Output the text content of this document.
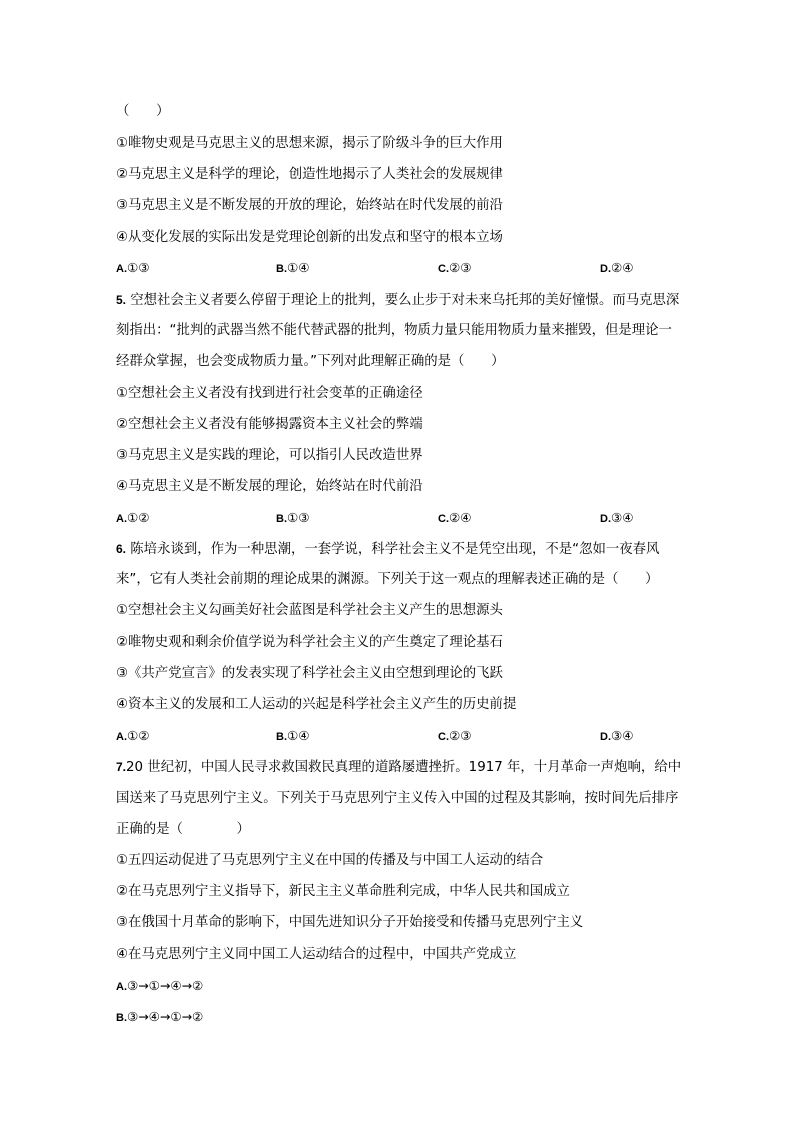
（　　）
①唯物史观是马克思主义的思想来源，揭示了阶级斗争的巨大作用
②马克思主义是科学的理论，创造性地揭示了人类社会的发展规律
③马克思主义是不断发展的开放的理论，始终站在时代发展的前沿
④从变化发展的实际出发是党理论创新的出发点和坚守的根本立场
A.①③	B.①④	C.②③	D.②④
5. 空想社会主义者要么停留于理论上的批判，要么止步于对未来乌托邦的美好憧憬。而马克思深
刻指出：“批判的武器当然不能代替武器的批判，物质力量只能用物质力量来摧毁，但是理论一
经群众掌握，也会变成物质力量。”下列对此理解正确的是（　　）
①空想社会主义者没有找到进行社会变革的正确途径
②空想社会主义者没有能够揭露资本主义社会的弊端
③马克思主义是实践的理论，可以指引人民改造世界
④马克思主义是不断发展的理论，始终站在时代前沿
A.①②	B.①③	C.②④	D.③④
6. 陈培永谈到，作为一种思潮，一套学说，科学社会主义不是凭空出现，不是“忽如一夜春风
来”，它有人类社会前期的理论成果的渊源。下列关于这一观点的理解表述正确的是（　　）
①空想社会主义勾画美好社会蓝图是科学社会主义产生的思想源头
②唯物史观和剩余价值学说为科学社会主义的产生奠定了理论基石
③《共产党宣言》的发表实现了科学社会主义由空想到理论的飞跃
④资本主义的发展和工人运动的兴起是科学社会主义产生的历史前提
A.①②	B.①④	C.②③	D.③④
7.20 世纪初，中国人民寻求救国救民真理的道路屡遭挫折。1917 年，十月革命一声炮响，给中
国送来了马克思列宁主义。下列关于马克思列宁主义传入中国的过程及其影响，按时间先后排序
正确的是（　　　　）
①五四运动促进了马克思列宁主义在中国的传播及与中国工人运动的结合
②在马克思列宁主义指导下，新民主主义革命胜利完成，中华人民共和国成立
③在俄国十月革命的影响下，中国先进知识分子开始接受和传播马克思列宁主义
④在马克思列宁主义同中国工人运动结合的过程中，中国共产党成立
A.③→①→④→②
B.③→④→①→②
